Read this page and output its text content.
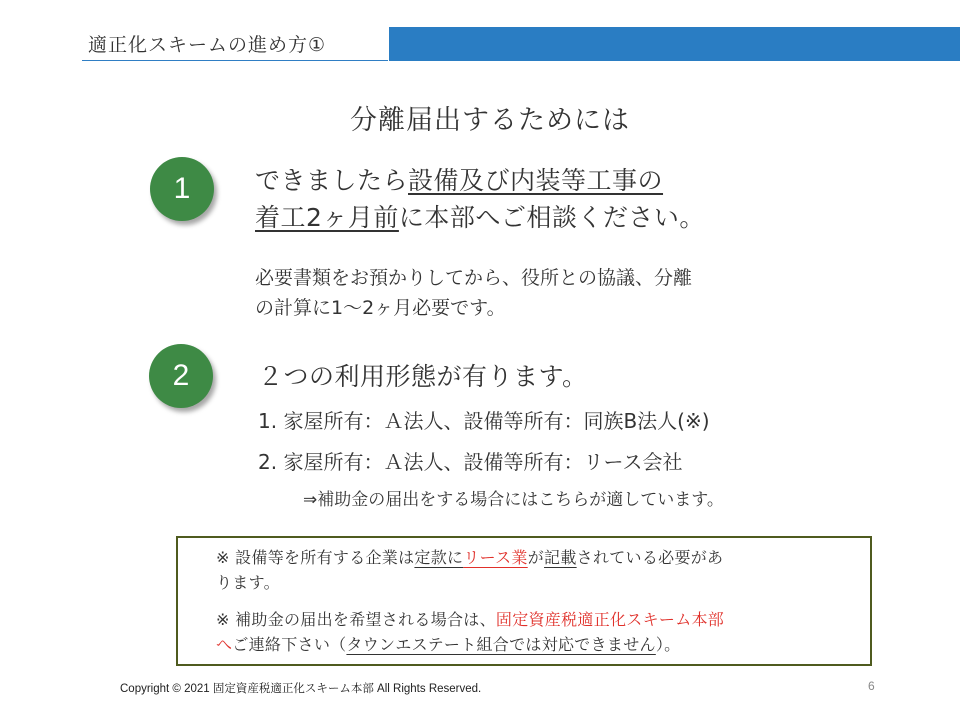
適正化スキームの進め方①
分離届出するためには
1	できましたら設備及び内装等工事の
着工2ヶ月前に本部へご相談ください。
必要書類をお預かりしてから、役所との協議、分離
の計算に1〜2ヶ月必要です。
2	２つの利用形態が有ります。
1. 家屋所有：Ａ法人、設備等所有：同族B法人(※)
2. 家屋所有：Ａ法人、設備等所有：リース会社
⇒補助金の届出をする場合にはこちらが適しています。
※ 設備等を所有する企業は定款にリース業が記載されている必要があ
ります。
※ 補助金の届出を希望される場合は、固定資産税適正化スキーム本部
へご連絡下さい（タウンエステート組合では対応できません）。
Copyright © 2021 固定資産税適正化スキーム本部 All Rights Reserved.	6
